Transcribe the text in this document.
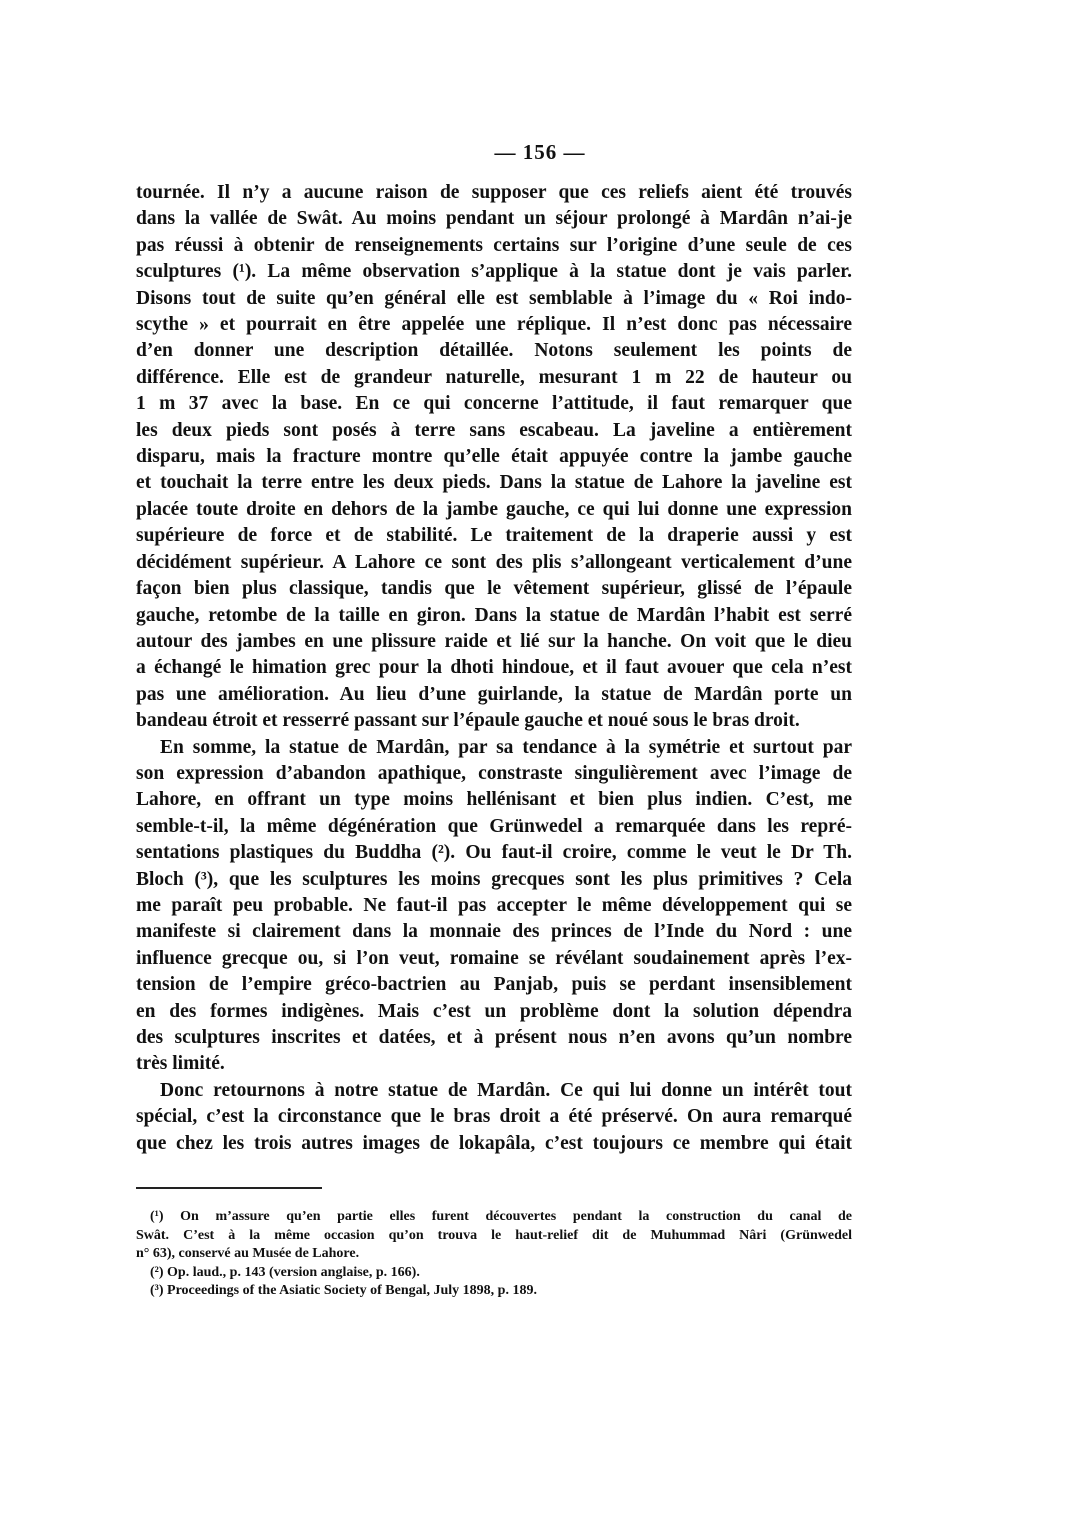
— 156 —

tournée. Il n’y a aucune raison de supposer que ces reliefs aient été trouvés
dans la vallée de Swât. Au moins pendant un séjour prolongé à Mardân n’ai-je
pas réussi à obtenir de renseignements certains sur l’origine d’une seule de ces
sculptures (¹). La même observation s’applique à la statue dont je vais parler.
Disons tout de suite qu’en général elle est semblable à l’image du « Roi indo-
scythe » et pourrait en être appelée une réplique. Il n’est donc pas nécessaire
d’en donner une description détaillée. Notons seulement les points de
différence. Elle est de grandeur naturelle, mesurant 1 m 22 de hauteur ou
1 m 37 avec la base. En ce qui concerne l’attitude, il faut remarquer que
les deux pieds sont posés à terre sans escabeau. La javeline a entièrement
disparu, mais la fracture montre qu’elle était appuyée contre la jambe gauche
et touchait la terre entre les deux pieds. Dans la statue de Lahore la javeline est
placée toute droite en dehors de la jambe gauche, ce qui lui donne une expression
supérieure de force et de stabilité. Le traitement de la draperie aussi y est
décidément supérieur. A Lahore ce sont des plis s’allongeant verticalement d’une
façon bien plus classique, tandis que le vêtement supérieur, glissé de l’épaule
gauche, retombe de la taille en giron. Dans la statue de Mardân l’habit est serré
autour des jambes en une plissure raide et lié sur la hanche. On voit que le dieu
a échangé le himation grec pour la dhoti hindoue, et il faut avouer que cela n’est
pas une amélioration. Au lieu d’une guirlande, la statue de Mardân porte un
bandeau étroit et resserré passant sur l’épaule gauche et noué sous le bras droit.

En somme, la statue de Mardân, par sa tendance à la symétrie et surtout par
son expression d’abandon apathique, constraste singulièrement avec l’image de
Lahore, en offrant un type moins hellénisant et bien plus indien. C’est, me
semble-t-il, la même dégénération que Grünwedel a remarquée dans les repré-
sentations plastiques du Buddha (²). Ou faut-il croire, comme le veut le Dr Th.
Bloch (³), que les sculptures les moins grecques sont les plus primitives ? Cela
me paraît peu probable. Ne faut-il pas accepter le même développement qui se
manifeste si clairement dans la monnaie des princes de l’Inde du Nord : une
influence grecque ou, si l’on veut, romaine se révélant soudainement après l’ex-
tension de l’empire gréco-bactrien au Panjab, puis se perdant insensiblement
en des formes indigènes. Mais c’est un problème dont la solution dépendra
des sculptures inscrites et datées, et à présent nous n’en avons qu’un nombre
très limité.

Donc retournons à notre statue de Mardân. Ce qui lui donne un intérêt tout
spécial, c’est la circonstance que le bras droit a été préservé. On aura remarqué
que chez les trois autres images de lokapâla, c’est toujours ce membre qui était

(¹) On m’assure qu’en partie elles furent découvertes pendant la construction du canal de
Swât. C’est à la même occasion qu’on trouva le haut-relief dit de Muhummad Nâri (Grünwedel
n° 63), conservé au Musée de Lahore.
(²) Op. laud., p. 143 (version anglaise, p. 166).
(³) Proceedings of the Asiatic Society of Bengal, July 1898, p. 189.
